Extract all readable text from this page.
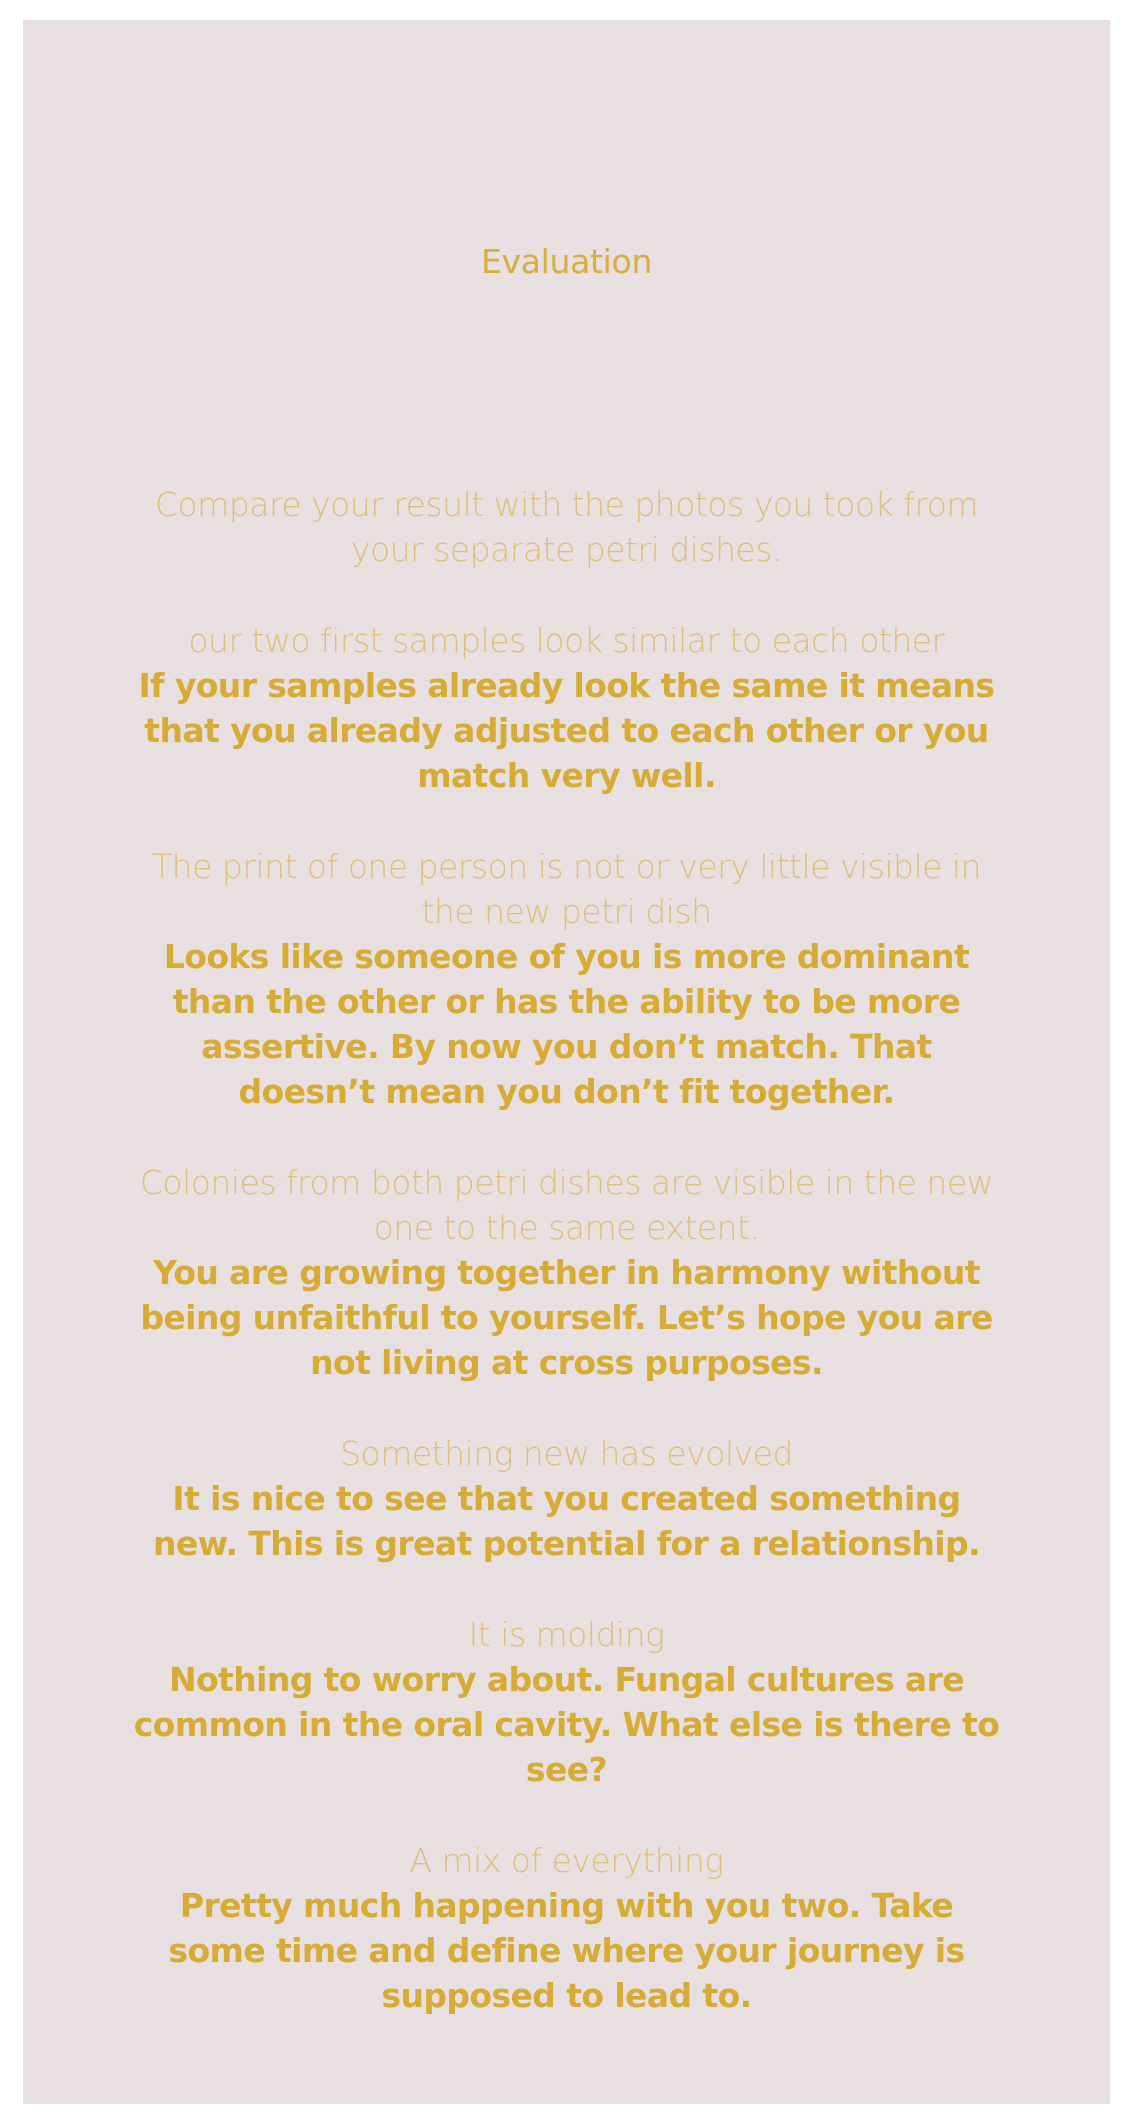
Evaluation

Compare your result with the photos you took from your separate petri dishes.

our two first samples look similar to each other

If your samples already look the same it means that you already adjusted to each other or you match very well.

The print of one person is not or very little visible in the new petri dish

Looks like someone of you is more dominant than the other or has the ability to be more assertive. By now you don’t match. That doesn’t mean you don’t fit together.

Colonies from both petri dishes are visible in the new one to the same extent.

You are growing together in harmony without being unfaithful to yourself. Let’s hope you are not living at cross purposes.

Something new has evolved

It is nice to see that you created something new. This is great potential for a relationship.

It is molding

Nothing to worry about. Fungal cultures are common in the oral cavity. What else is there to see?

A mix of everything

Pretty much happening with you two. Take some time and define where your journey is supposed to lead to.
